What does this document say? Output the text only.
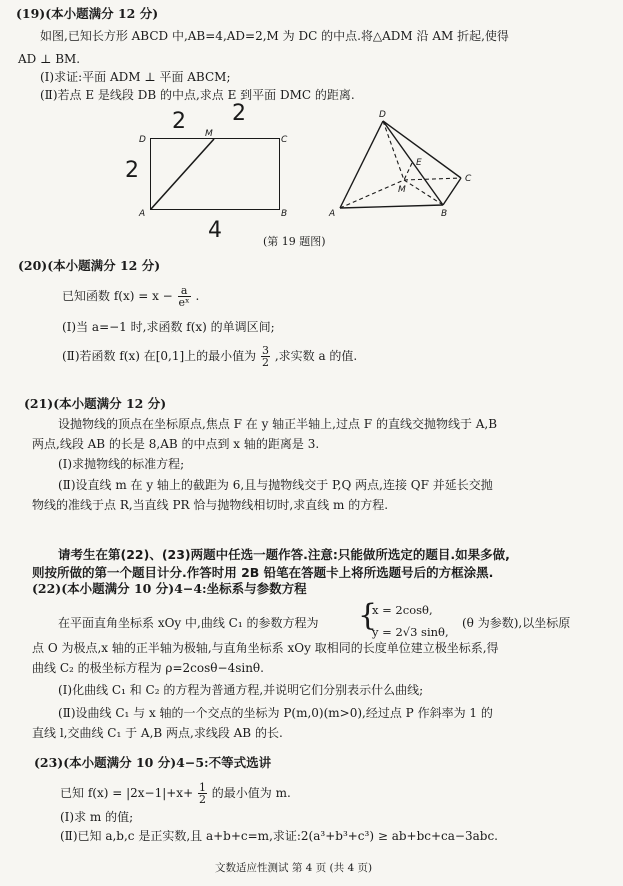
(19)(本小题满分 12 分)
如图,已知长方形 ABCD 中,AB=4,AD=2,M 为 DC 的中点.将△ADM 沿 AM 折起,使得
AD ⊥ BM.
(Ⅰ)求证:平面 ADM ⊥ 平面 ABCM;
(Ⅱ)若点 E 是线段 DB 的中点,求点 E 到平面 DMC 的距离.
D
M
C
A	B
2 2
2
4
D
E
M
C
A	B
(第 19 题图)
(20)(本小题满分 12 分)
已知函数 $f(x) = x - \frac{a}{\text{eˣ}}$ .
(Ⅰ)当 a=−1 时,求函数 f(x) 的单调区间;
(Ⅱ)若函数 f(x) 在[0,1]上的最小值为 $\frac{3}{2}$ ,求实数 a 的值.
(21)(本小题满分 12 分)
设抛物线的顶点在坐标原点,焦点 F 在 y 轴正半轴上,过点 F 的直线交抛物线于 A,B
两点,线段 AB 的长是 8,AB 的中点到 x 轴的距离是 3.
(Ⅰ)求抛物线的标准方程;
(Ⅱ)设直线 m 在 y 轴上的截距为 6,且与抛物线交于 P,Q 两点,连接 QF 并延长交抛
物线的准线于点 R,当直线 PR 恰与抛物线相切时,求直线 m 的方程.
请考生在第(22)、(23)两题中任选一题作答.注意:只能做所选定的题目.如果多做,
则按所做的第一个题目计分.作答时用 2B 铅笔在答题卡上将所选题号后的方框涂黑.
(22)(本小题满分 10 分)4−4:坐标系与参数方程
在平面直角坐标系 xOy 中,曲线 C₁ 的参数方程为 {
x = 2cosθ,
y = 2√3 sinθ,
(θ 为参数),以坐标原
点 O 为极点,x 轴的正半轴为极轴,与直角坐标系 xOy 取相同的长度单位建立极坐标系,得
曲线 C₂ 的极坐标方程为 ρ=2cosθ−4sinθ.
(Ⅰ)化曲线 C₁ 和 C₂ 的方程为普通方程,并说明它们分别表示什么曲线;
(Ⅱ)设曲线 C₁ 与 x 轴的一个交点的坐标为 P(m,0)(m>0),经过点 P 作斜率为 1 的
直线 l,交曲线 C₁ 于 A,B 两点,求线段 AB 的长.
(23)(本小题满分 10 分)4−5:不等式选讲
已知 $f(x) = |2x-1|+x+ \frac{1}{2}$ 的最小值为 m.
(Ⅰ)求 m 的值;
(Ⅱ)已知 a,b,c 是正实数,且 a+b+c=m,求证:2(a³+b³+c³) ≥ ab+bc+ca−3abc.
文数适应性测试 第 4 页 (共 4 页)
